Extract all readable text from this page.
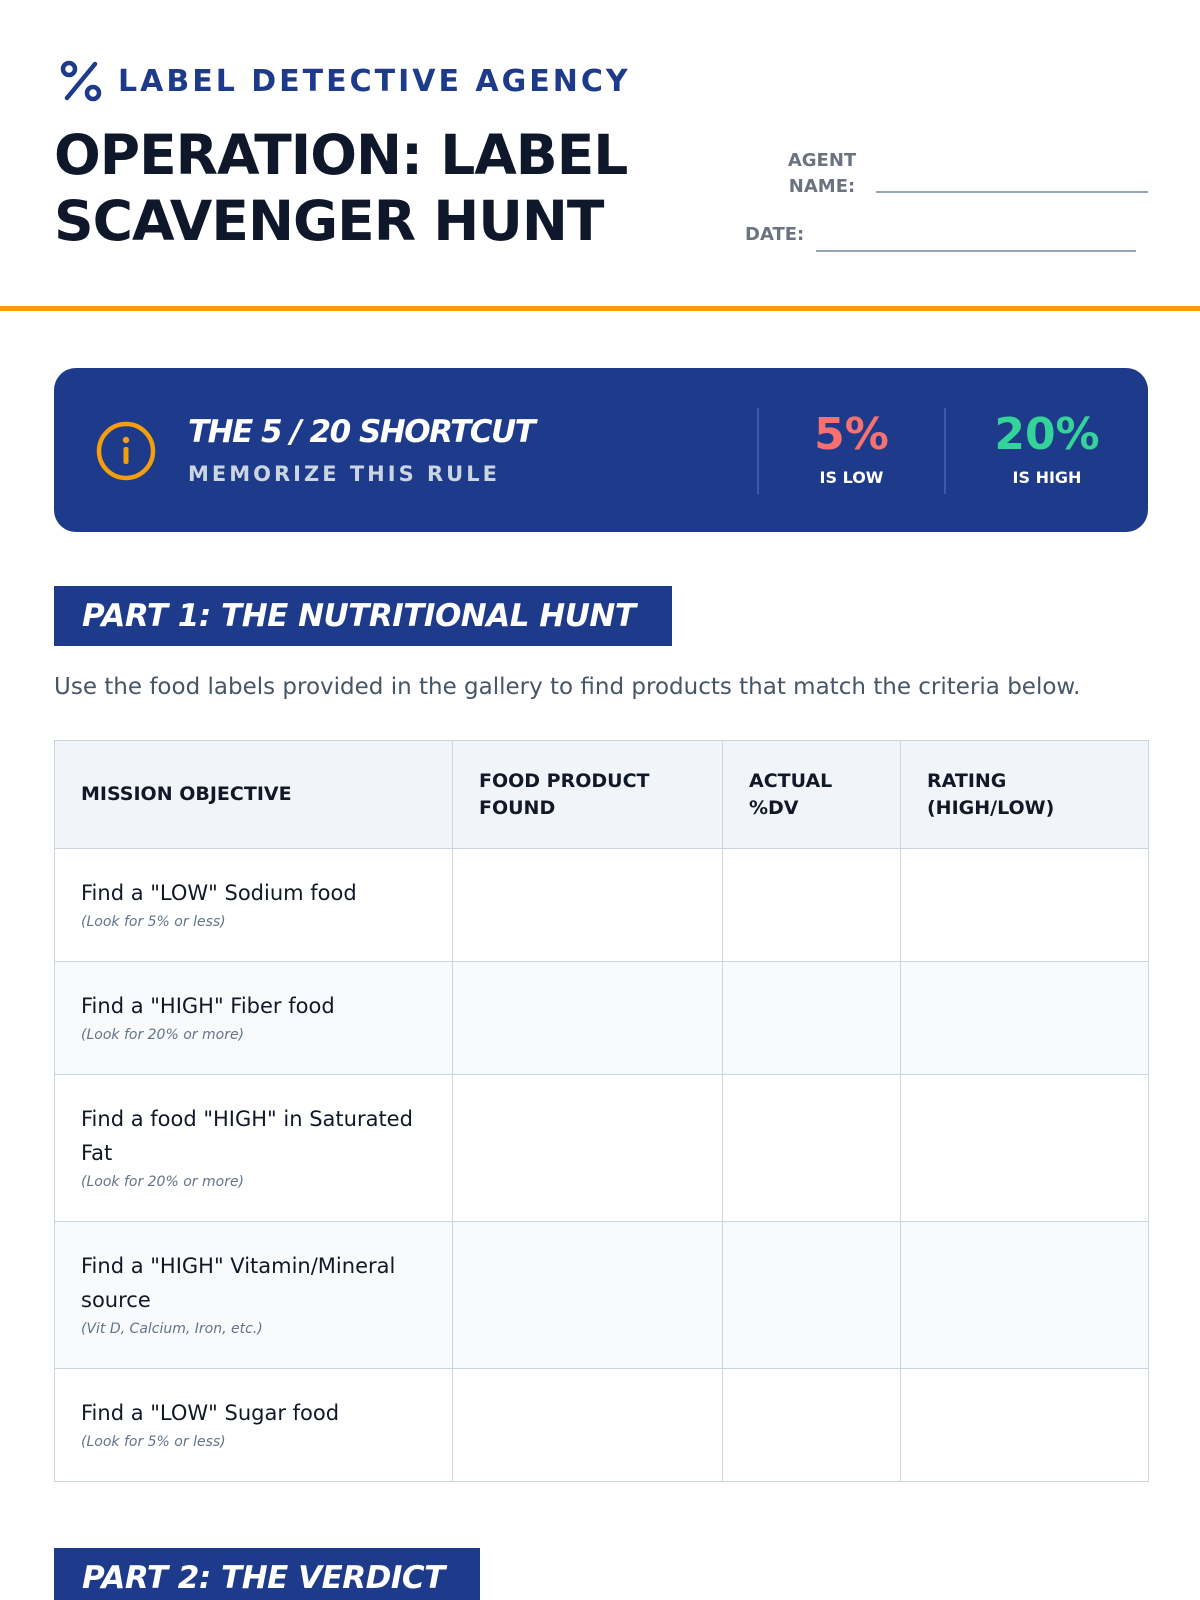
LABEL DETECTIVE AGENCY
OPERATION: LABEL
SCAVENGER HUNT
AGENT
NAME:
DATE:
THE 5 / 20 SHORTCUT
MEMORIZE THIS RULE
5%
IS LOW
20%
IS HIGH
PART 1: THE NUTRITIONAL HUNT

Use the food labels provided in the gallery to find products that match the criteria below.

MISSION OBJECTIVE	FOOD PRODUCT FOUND	ACTUAL %DV	RATING (HIGH/LOW)

Find a "LOW" Sodium food
(Look for 5% or less)			

Find a "HIGH" Fiber food
(Look for 20% or more)			

Find a food "HIGH" in Saturated Fat
(Look for 20% or more)			

Find a "HIGH" Vitamin/Mineral source
(Vit D, Calcium, Iron, etc.)			

Find a "LOW" Sugar food
(Look for 5% or less)			

PART 2: THE VERDICT
